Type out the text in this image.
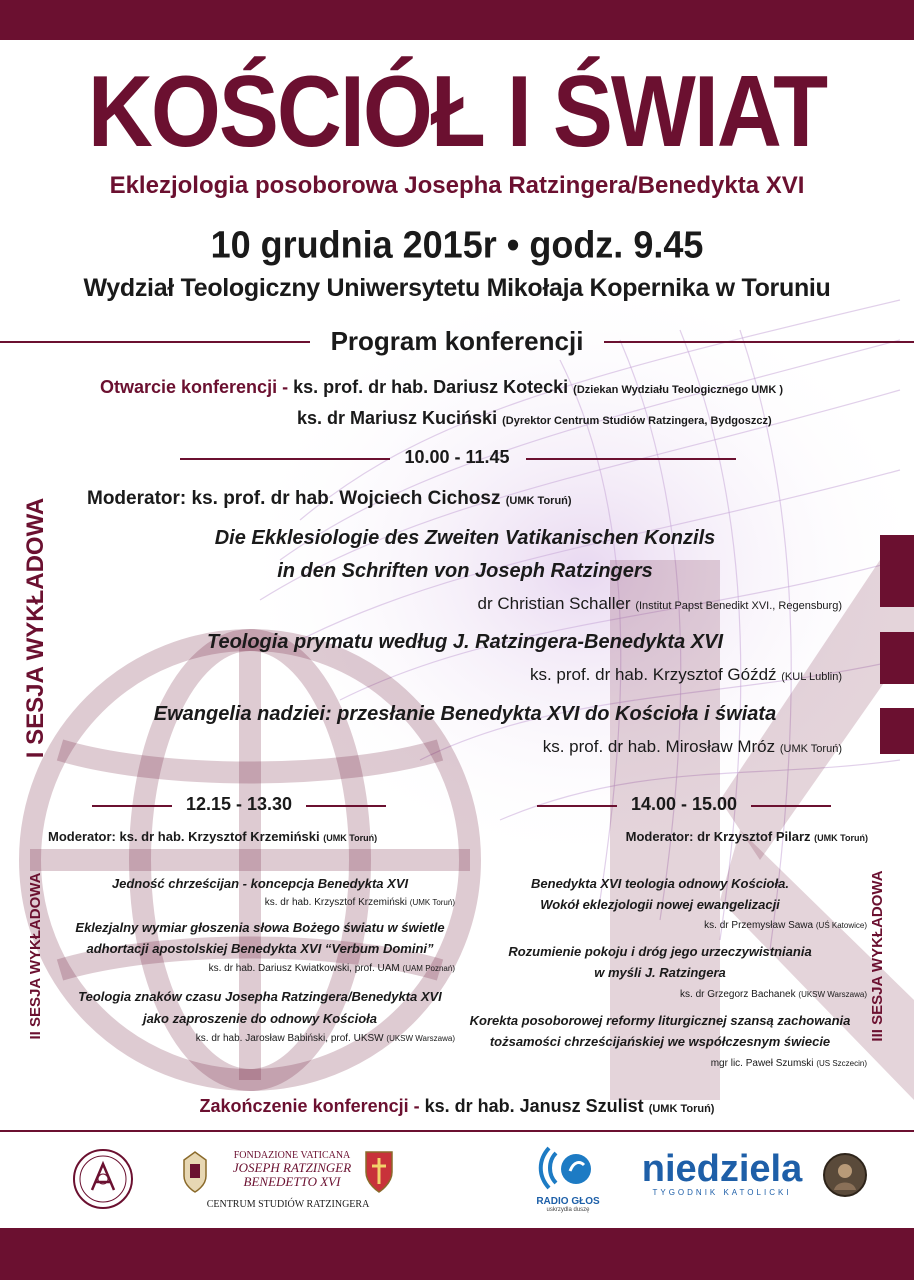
KOŚCIÓŁ I ŚWIAT
Eklezjologia posoborowa Josepha Ratzingera/Benedykta XVI
10 grudnia 2015r • godz. 9.45
Wydział Teologiczny Uniwersytetu Mikołaja Kopernika w Toruniu
Program konferencji
Otwarcie konferencji - ks. prof. dr hab. Dariusz Kotecki (Dziekan Wydziału Teologicznego UMK )
ks. dr Mariusz Kuciński (Dyrektor Centrum Studiów Ratzingera, Bydgoszcz)
10.00 - 11.45
I SESJA WYKŁADOWA	Moderator: ks. prof. dr hab. Wojciech Cichosz (UMK Toruń)
Die Ekklesiologie des Zweiten Vatikanischen Konzils
in den Schriften von Joseph Ratzingers
dr Christian Schaller (Institut Papst Benedikt XVI., Regensburg)
Teologia prymatu według J. Ratzingera-Benedykta XVI
ks. prof. dr hab. Krzysztof Góźdź (KUL Lublin)
Ewangelia nadziei: przesłanie Benedykta XVI do Kościoła i świata
ks. prof. dr hab. Mirosław Mróz (UMK Toruń)
12.15 - 13.30
Moderator: ks. dr hab. Krzysztof Krzemiński (UMK Toruń)
II SESJA WYKŁADOWA	Jedność chrześcijan - koncepcja Benedykta XVI
ks. dr hab. Krzysztof Krzemiński (UMK Toruń)
Eklezjalny wymiar głoszenia słowa Bożego światu w świetle
adhortacji apostolskiej Benedykta XVI “Verbum Domini”
ks. dr hab. Dariusz Kwiatkowski, prof. UAM (UAM Poznań)
Teologia znaków czasu Josepha Ratzingera/Benedykta XVI
jako zaproszenie do odnowy Kościoła
ks. dr hab. Jarosław Babiński, prof. UKSW (UKSW Warszawa)
14.00 - 15.00
Moderator: dr Krzysztof Pilarz (UMK Toruń)
III SESJA WYKŁADOWA
Benedykta XVI teologia odnowy Kościoła.
Wokół eklezjologii nowej ewangelizacji
ks. dr Przemysław Sawa (UŚ Katowice)
Rozumienie pokoju i dróg jego urzeczywistniania
w myśli J. Ratzingera
ks. dr Grzegorz Bachanek (UKSW Warszawa)
Korekta posoborowej reformy liturgicznej szansą zachowania
tożsamości chrześcijańskiej we współczesnym świecie
mgr lic. Paweł Szumski (US Szczecin)
Zakończenie konferencji - ks. dr hab. Janusz Szulist (UMK Toruń)
FONDAZIONE VATICANA
JOSEPH RATZINGER
BENEDETTO XVI
CENTRUM STUDIÓW RATZINGERA	RADIO GŁOS
uskrzydla duszę
niedziela
TYGODNIK KATOLICKI
